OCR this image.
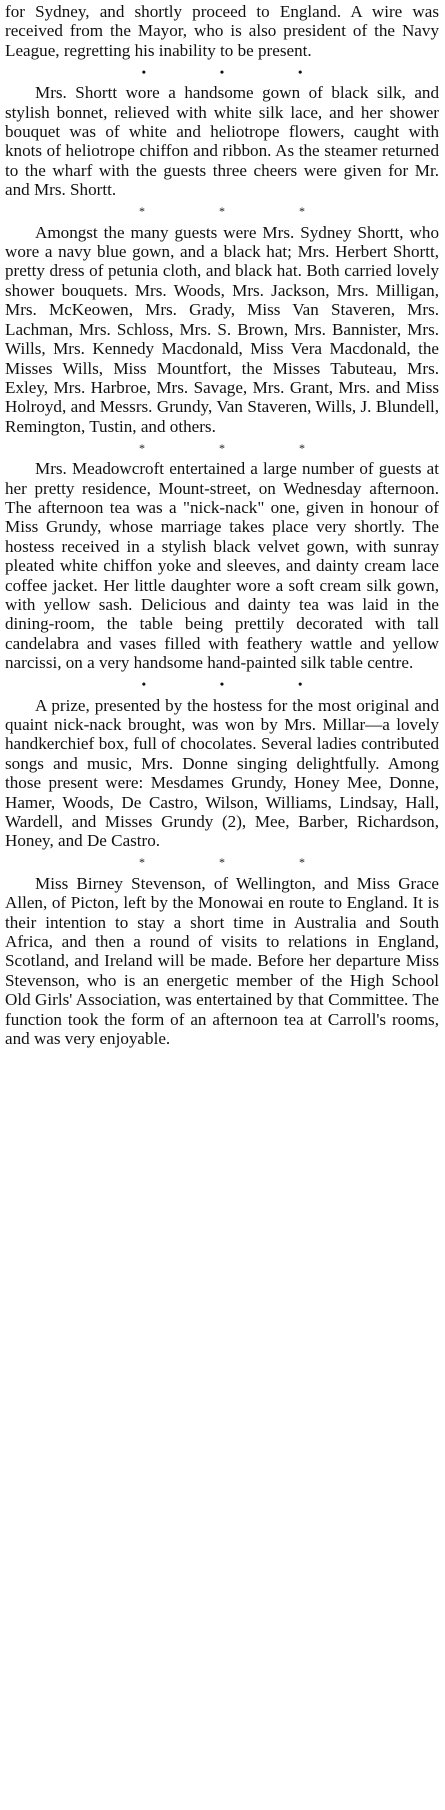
for Sydney, and shortly proceed to England. A wire was received from the Mayor, who is also president of the Navy League, regretting his inability to be present.

•	•	•

Mrs. Shortt wore a handsome gown of black silk, and stylish bonnet, relieved with white silk lace, and her shower bouquet was of white and heliotrope flowers, caught with knots of heliotrope chiffon and ribbon. As the steamer returned to the wharf with the guests three cheers were given for Mr. and Mrs. Shortt.

*	*	*

Amongst the many guests were Mrs. Sydney Shortt, who wore a navy blue gown, and a black hat; Mrs. Herbert Shortt, pretty dress of petunia cloth, and black hat. Both carried lovely shower bouquets. Mrs. Woods, Mrs. Jackson, Mrs. Milligan, Mrs. McKeowen, Mrs. Grady, Miss Van Staveren, Mrs. Lachman, Mrs. Schloss, Mrs. S. Brown, Mrs. Bannister, Mrs. Wills, Mrs. Kennedy Macdonald, Miss Vera Macdonald, the Misses Wills, Miss Mountfort, the Misses Tabuteau, Mrs. Exley, Mrs. Harbroe, Mrs. Savage, Mrs. Grant, Mrs. and Miss Holroyd, and Messrs. Grundy, Van Staveren, Wills, J. Blundell, Remington, Tustin, and others.

*	*	*

Mrs. Meadowcroft entertained a large number of guests at her pretty residence, Mount-street, on Wednesday afternoon. The afternoon tea was a "nick-nack" one, given in honour of Miss Grundy, whose marriage takes place very shortly. The hostess received in a stylish black velvet gown, with sunray pleated white chiffon yoke and sleeves, and dainty cream lace coffee jacket. Her little daughter wore a soft cream silk gown, with yellow sash. Delicious and dainty tea was laid in the dining-room, the table being prettily decorated with tall candelabra and vases filled with feathery wattle and yellow narcissi, on a very handsome hand-painted silk table centre.

•	•	•

A prize, presented by the hostess for the most original and quaint nick-nack brought, was won by Mrs. Millar—a lovely handkerchief box, full of chocolates. Several ladies contributed songs and music, Mrs. Donne singing delightfully. Among those present were: Mesdames Grundy, Honey Mee, Donne, Hamer, Woods, De Castro, Wilson, Williams, Lindsay, Hall, Wardell, and Misses Grundy (2), Mee, Barber, Richardson, Honey, and De Castro.

*	*	*

Miss Birney Stevenson, of Wellington, and Miss Grace Allen, of Picton, left by the Monowai en route to England. It is their intention to stay a short time in Australia and South Africa, and then a round of visits to relations in England, Scotland, and Ireland will be made. Before her departure Miss Stevenson, who is an energetic member of the High School Old Girls' Association, was entertained by that Committee. The function took the form of an afternoon tea at Carroll's rooms, and was very enjoyable.
